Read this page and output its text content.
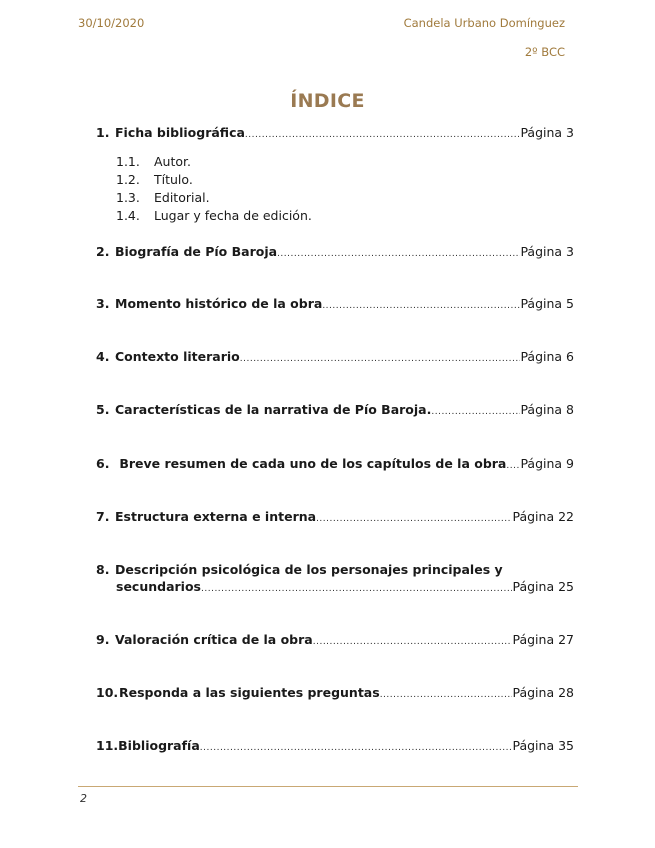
30/10/2020	Candela Urbano Domínguez
2º BCC
ÍNDICE
1. Ficha bibliográfica .....	Página 3
1.1. Autor.
1.2. Título.
1.3. Editorial.
1.4. Lugar y fecha de edición.
2. Biografía de Pío Baroja .....	Página 3
3. Momento histórico de la obra .....	Página 5
4. Contexto literario .....	Página 6
5. Características de la narrativa de Pío Baroja. .....	Página 8
6. Breve resumen de cada uno de los capítulos de la obra ..... Página 9
7. Estructura externa e interna .....	Página 22
8. Descripción psicológica de los personajes principales y
secundarios .....	Página 25
9. Valoración crítica de la obra .....	Página 27
10. Responda a las siguientes preguntas .....	Página 28
11. Bibliografía .....	Página 35
2
